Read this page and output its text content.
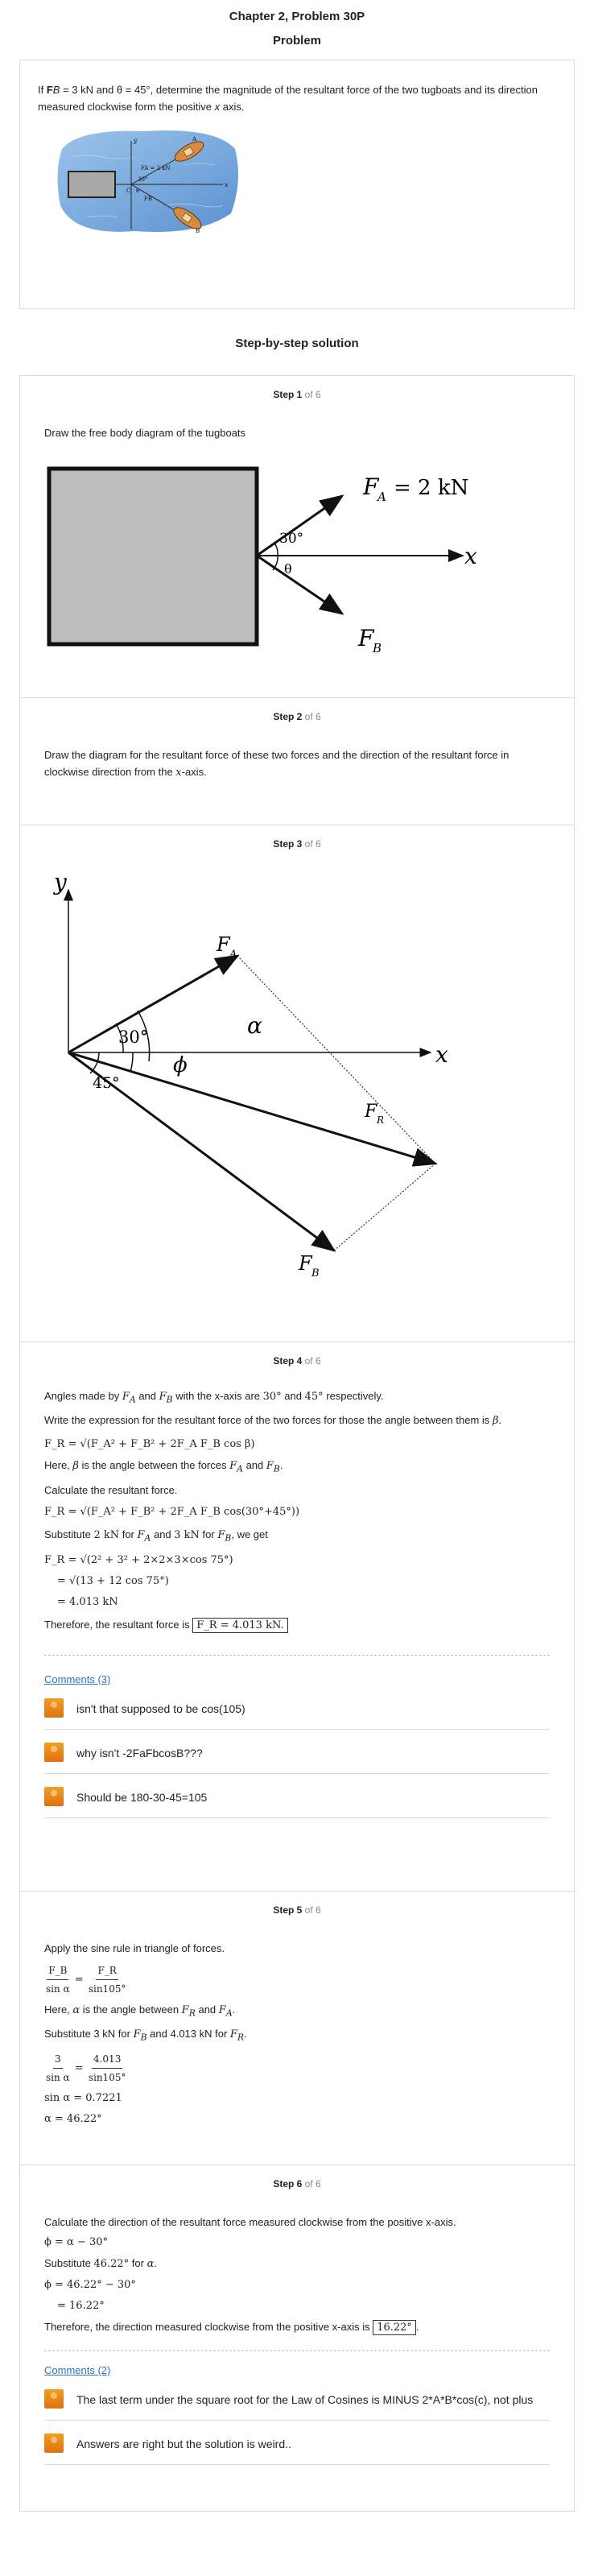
Chapter 2, Problem 30P
Problem

If FB = 3 kN and θ = 45°, determine the magnitude of the resultant force of the two tugboats and its direction measured clockwise form the positive x axis.

FA = 2 kN
30°
θ
FB
x
y	A
B
C
Step-by-step solution
Step 1 of 6
Draw the free body diagram of the tugboats
30°
θ
F
A = 2 kN
x
F
B
Step 2 of 6
Draw the diagram for the resultant force of these two forces and the direction of the resultant force in clockwise direction from the x-axis.
Step 3 of 6
y
x
F A
F B
F R
α
ϕ
30°
45°
Step 4 of 6
Angles made by $F_A$ and $F_B$ with the x-axis are 30° and 45° respectively.
Write the expression for the resultant force of the two forces for those the angle between them is β.
F_R = √(F_A² + F_B² + 2F_A F_B cos β)
Here, β is the angle between the forces $F_A$ and $F_B$.
Calculate the resultant force.
F_R = √(F_A² + F_B² + 2F_A F_B cos(30°+45°))
Substitute 2 kN for $F_A$ and 3 kN for $F_B$, we get
F_R = √(2² + 3² + 2×2×3×cos 75°)
= √(13 + 12 cos 75°)
= 4.013 kN
Therefore, the resultant force is F_R = 4.013 kN.
Comments (3)
isn't that supposed to be cos(105)
why isn't -2FaFbcosB???
Should be 180-30-45=105
Step 5 of 6
Apply the sine rule in triangle of forces.
$\frac{F\_B}{\text{sin α}} = \frac{F\_R}{\sin 105^\circ}$
Here, α is the angle between $F_R$ and $F_A$.
Substitute 3 kN for $F_B$ and 4.013 kN for $F_R$.
$\frac{3}{\text{sin α}} = \frac{4.013}{\sin 105^\circ}$
sin α = 0.7221
α = 46.22°
Step 6 of 6
Calculate the direction of the resultant force measured clockwise from the positive x-axis.
ϕ = α − 30°
Substitute 46.22° for α.
ϕ = 46.22° − 30°
= 16.22°
Therefore, the direction measured clockwise from the positive x-axis is 16.22° .
Comments (2)
The last term under the square root for the Law of Cosines is MINUS 2*A*B*cos(c), not plus
Answers are right but the solution is weird..
